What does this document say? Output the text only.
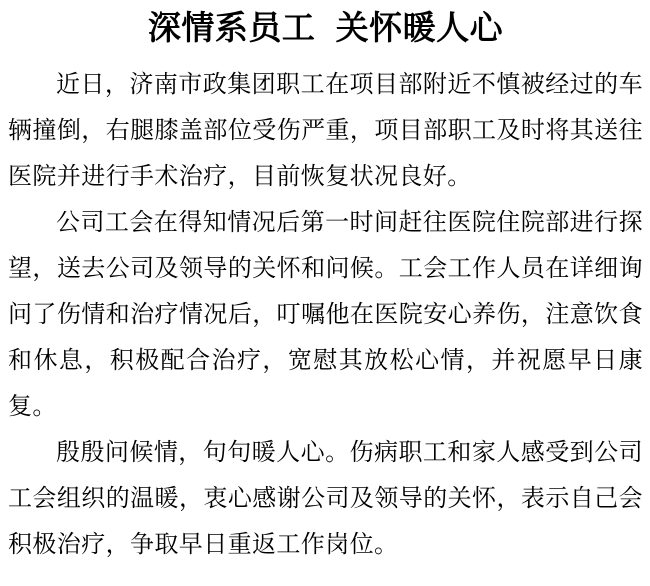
深情系员工 关怀暖人心

近日，济南市政集团职工在项目部附近不慎被经过的车辆撞倒，右腿膝盖部位受伤严重，项目部职工及时将其送往医院并进行手术治疗，目前恢复状况良好。

公司工会在得知情况后第一时间赶往医院住院部进行探望，送去公司及领导的关怀和问候。工会工作人员在详细询问了伤情和治疗情况后，叮嘱他在医院安心养伤，注意饮食和休息，积极配合治疗，宽慰其放松心情，并祝愿早日康复。

殷殷问候情，句句暖人心。伤病职工和家人感受到公司工会组织的温暖，衷心感谢公司及领导的关怀，表示自己会积极治疗，争取早日重返工作岗位。
